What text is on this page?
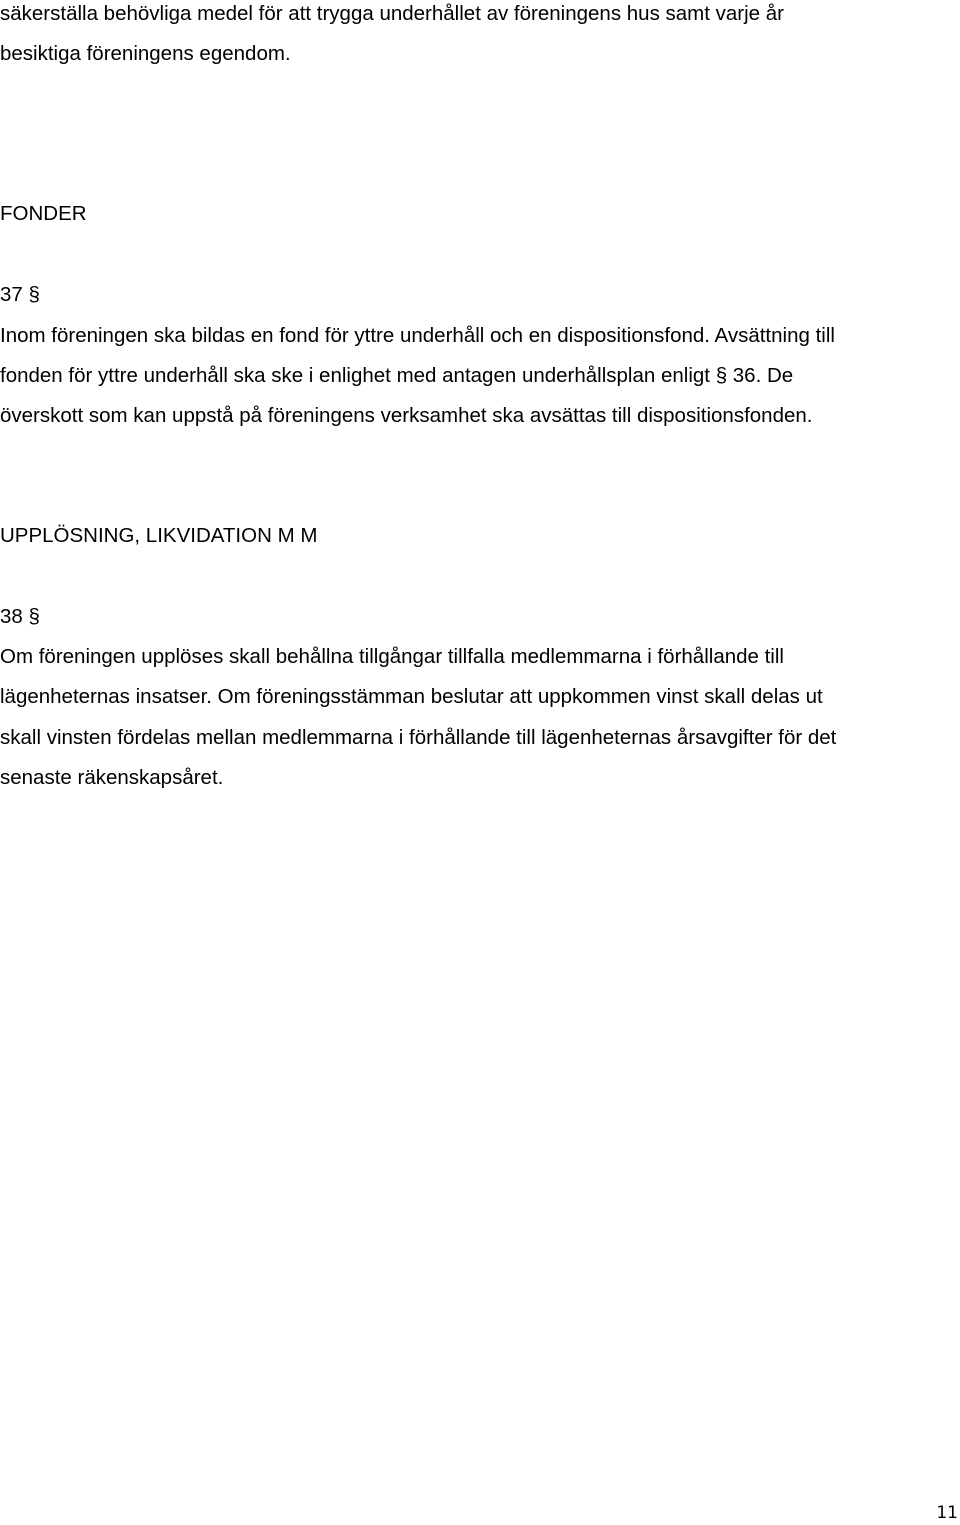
säkerställa behövliga medel för att trygga underhållet av föreningens hus samt varje år
besiktiga föreningens egendom.
FONDER
37 §
Inom föreningen ska bildas en fond för yttre underhåll och en dispositionsfond. Avsättning till
fonden för yttre underhåll ska ske i enlighet med antagen underhållsplan enligt § 36. De
överskott som kan uppstå på föreningens verksamhet ska avsättas till dispositionsfonden.
UPPLÖSNING, LIKVIDATION M M
38 §
Om föreningen upplöses skall behållna tillgångar tillfalla medlemmarna i förhållande till
lägenheternas insatser. Om föreningsstämman beslutar att uppkommen vinst skall delas ut
skall vinsten fördelas mellan medlemmarna i förhållande till lägenheternas årsavgifter för det
senaste räkenskapsåret.
11
